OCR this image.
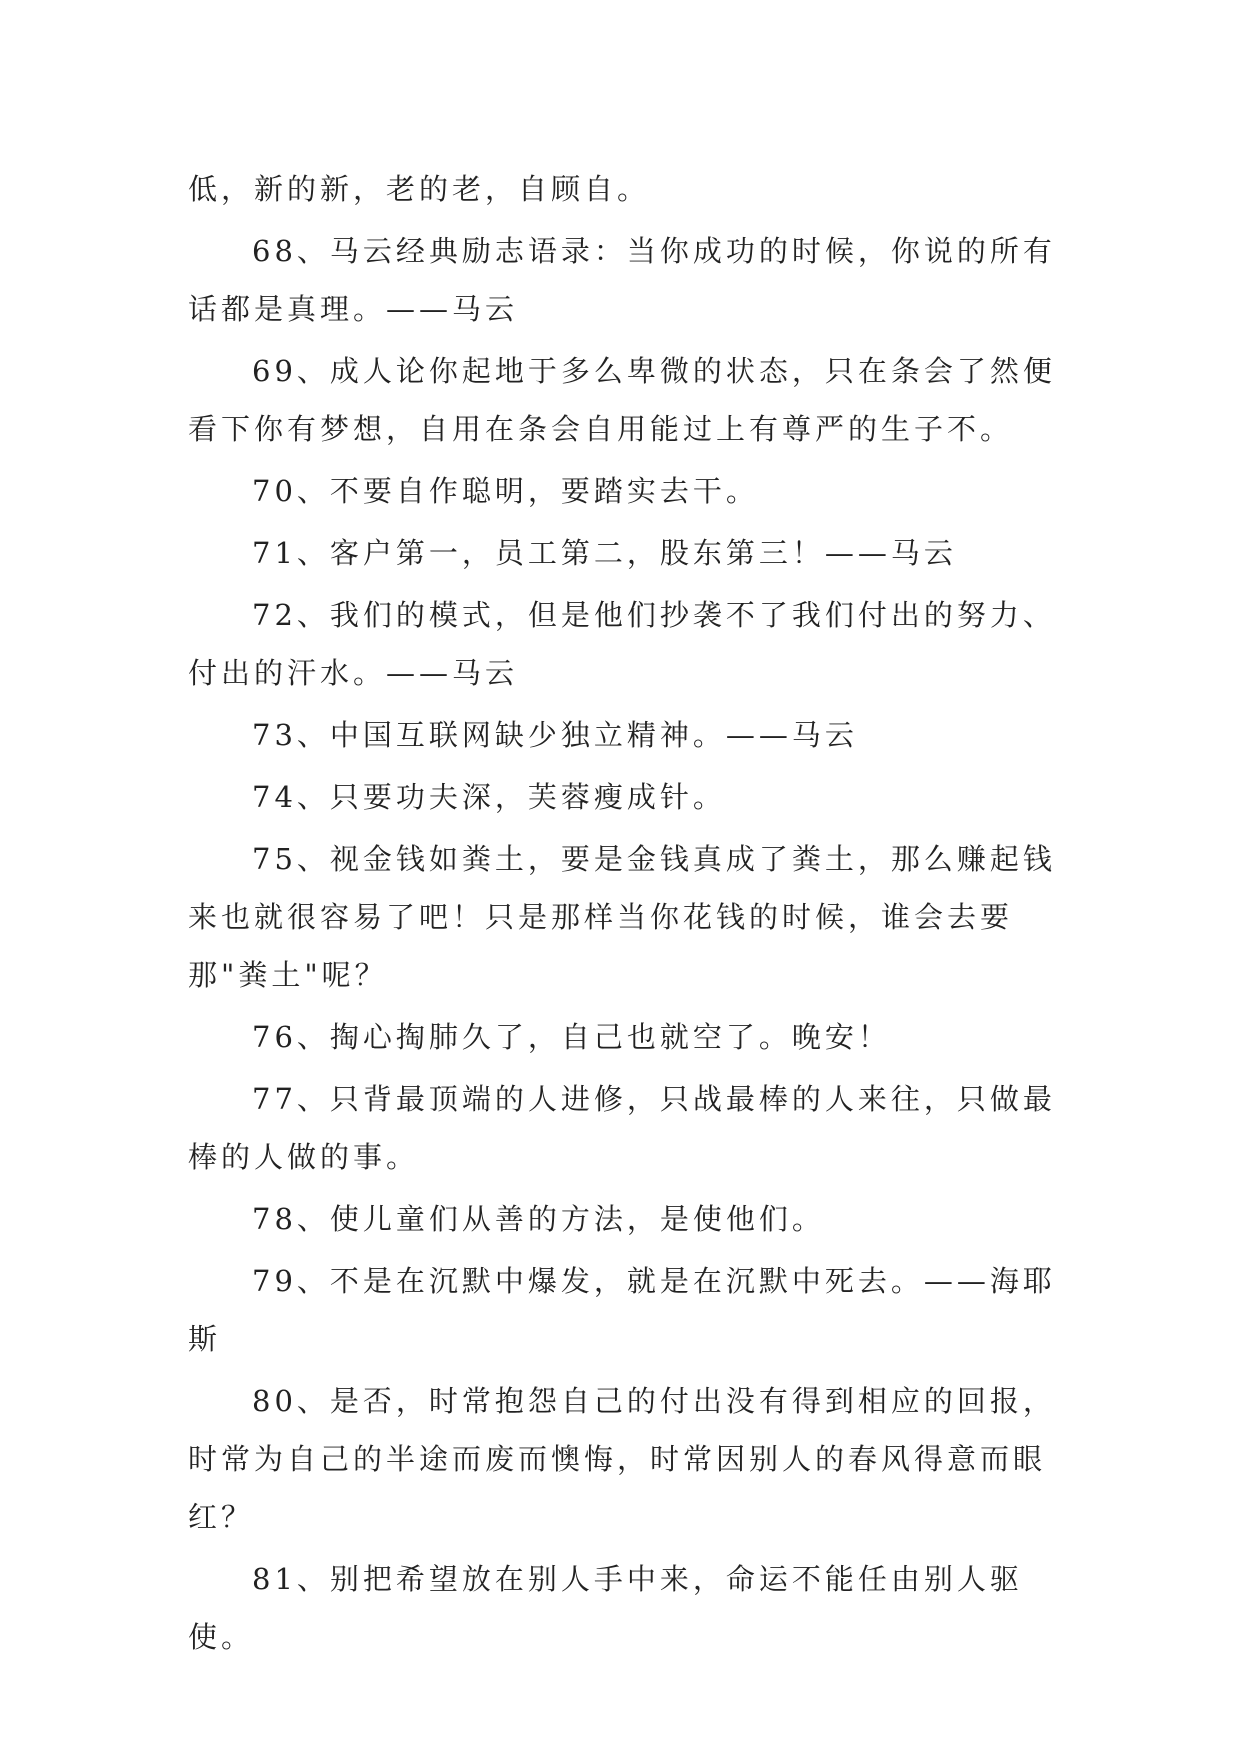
低，新的新，老的老，自顾自。

68、马云经典励志语录：当你成功的时候，你说的所有话都是真理。——马云

69、成人论你起地于多么卑微的状态，只在条会了然便看下你有梦想，自用在条会自用能过上有尊严的生子不。

70、不要自作聪明，要踏实去干。

71、客户第一，员工第二，股东第三！——马云

72、我们的模式，但是他们抄袭不了我们付出的努力、付出的汗水。——马云

73、中国互联网缺少独立精神。——马云

74、只要功夫深，芙蓉瘦成针。

75、视金钱如粪土，要是金钱真成了粪土，那么赚起钱来也就很容易了吧！只是那样当你花钱的时候，谁会去要那"粪土"呢？

76、掏心掏肺久了，自己也就空了。晚安！

77、只背最顶端的人进修，只战最棒的人来往，只做最棒的人做的事。

78、使儿童们从善的方法，是使他们。

79、不是在沉默中爆发，就是在沉默中死去。——海耶斯

80、是否，时常抱怨自己的付出没有得到相应的回报，时常为自己的半途而废而懊悔，时常因别人的春风得意而眼红？

81、别把希望放在别人手中来，命运不能任由别人驱使。
